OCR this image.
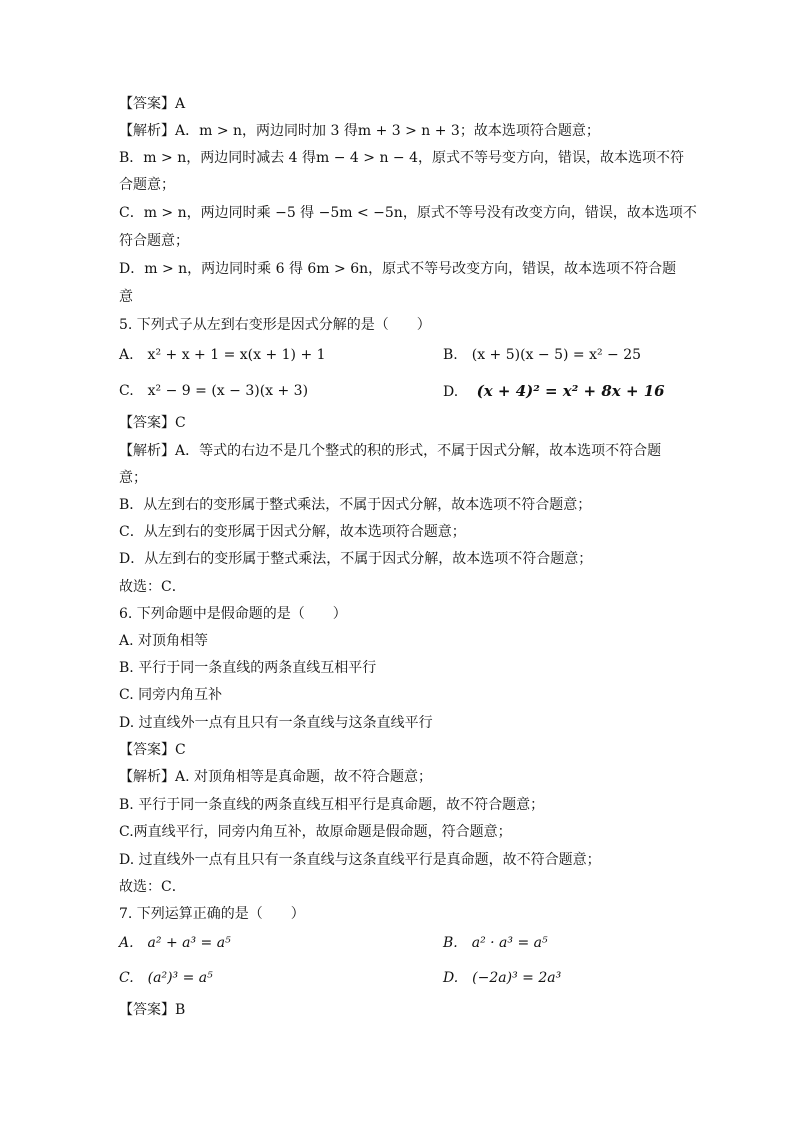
【答案】A
【解析】A．m > n，两边同时加 3 得m + 3 > n + 3；故本选项符合题意；
B．m > n，两边同时减去 4 得m − 4 > n − 4，原式不等号变方向，错误，故本选项不符
合题意；
C．m > n，两边同时乘 −5 得 −5m < −5n，原式不等号没有改变方向，错误，故本选项不
符合题意；
D．m > n，两边同时乘 6 得 6m > 6n，原式不等号改变方向，错误，故本选项不符合题
意
5. 下列式子从左到右变形是因式分解的是（　　）
A.　x² + x + 1 = x(x + 1) + 1	B.　(x + 5)(x − 5) = x² − 25
C.　x² − 9 = (x − 3)(x + 3)	D. (x + 4)² = x² + 8x + 16
【答案】C
【解析】A．等式的右边不是几个整式的积的形式，不属于因式分解，故本选项不符合题
意；
B．从左到右的变形属于整式乘法，不属于因式分解，故本选项不符合题意；
C．从左到右的变形属于因式分解，故本选项符合题意；
D．从左到右的变形属于整式乘法，不属于因式分解，故本选项不符合题意；
故选：C．
6. 下列命题中是假命题的是（　　）
A. 对顶角相等
B. 平行于同一条直线的两条直线互相平行
C. 同旁内角互补
D. 过直线外一点有且只有一条直线与这条直线平行
【答案】C
【解析】A. 对顶角相等是真命题，故不符合题意；
B. 平行于同一条直线的两条直线互相平行是真命题，故不符合题意；
C.两直线平行，同旁内角互补，故原命题是假命题，符合题意；
D. 过直线外一点有且只有一条直线与这条直线平行是真命题，故不符合题意；
故选：C．
7. 下列运算正确的是（　　）
A.　a² + a³ = a⁵	B.　a² · a³ = a⁵
C.　(a²)³ = a⁵	D.　(−2a)³ = 2a³
【答案】B
